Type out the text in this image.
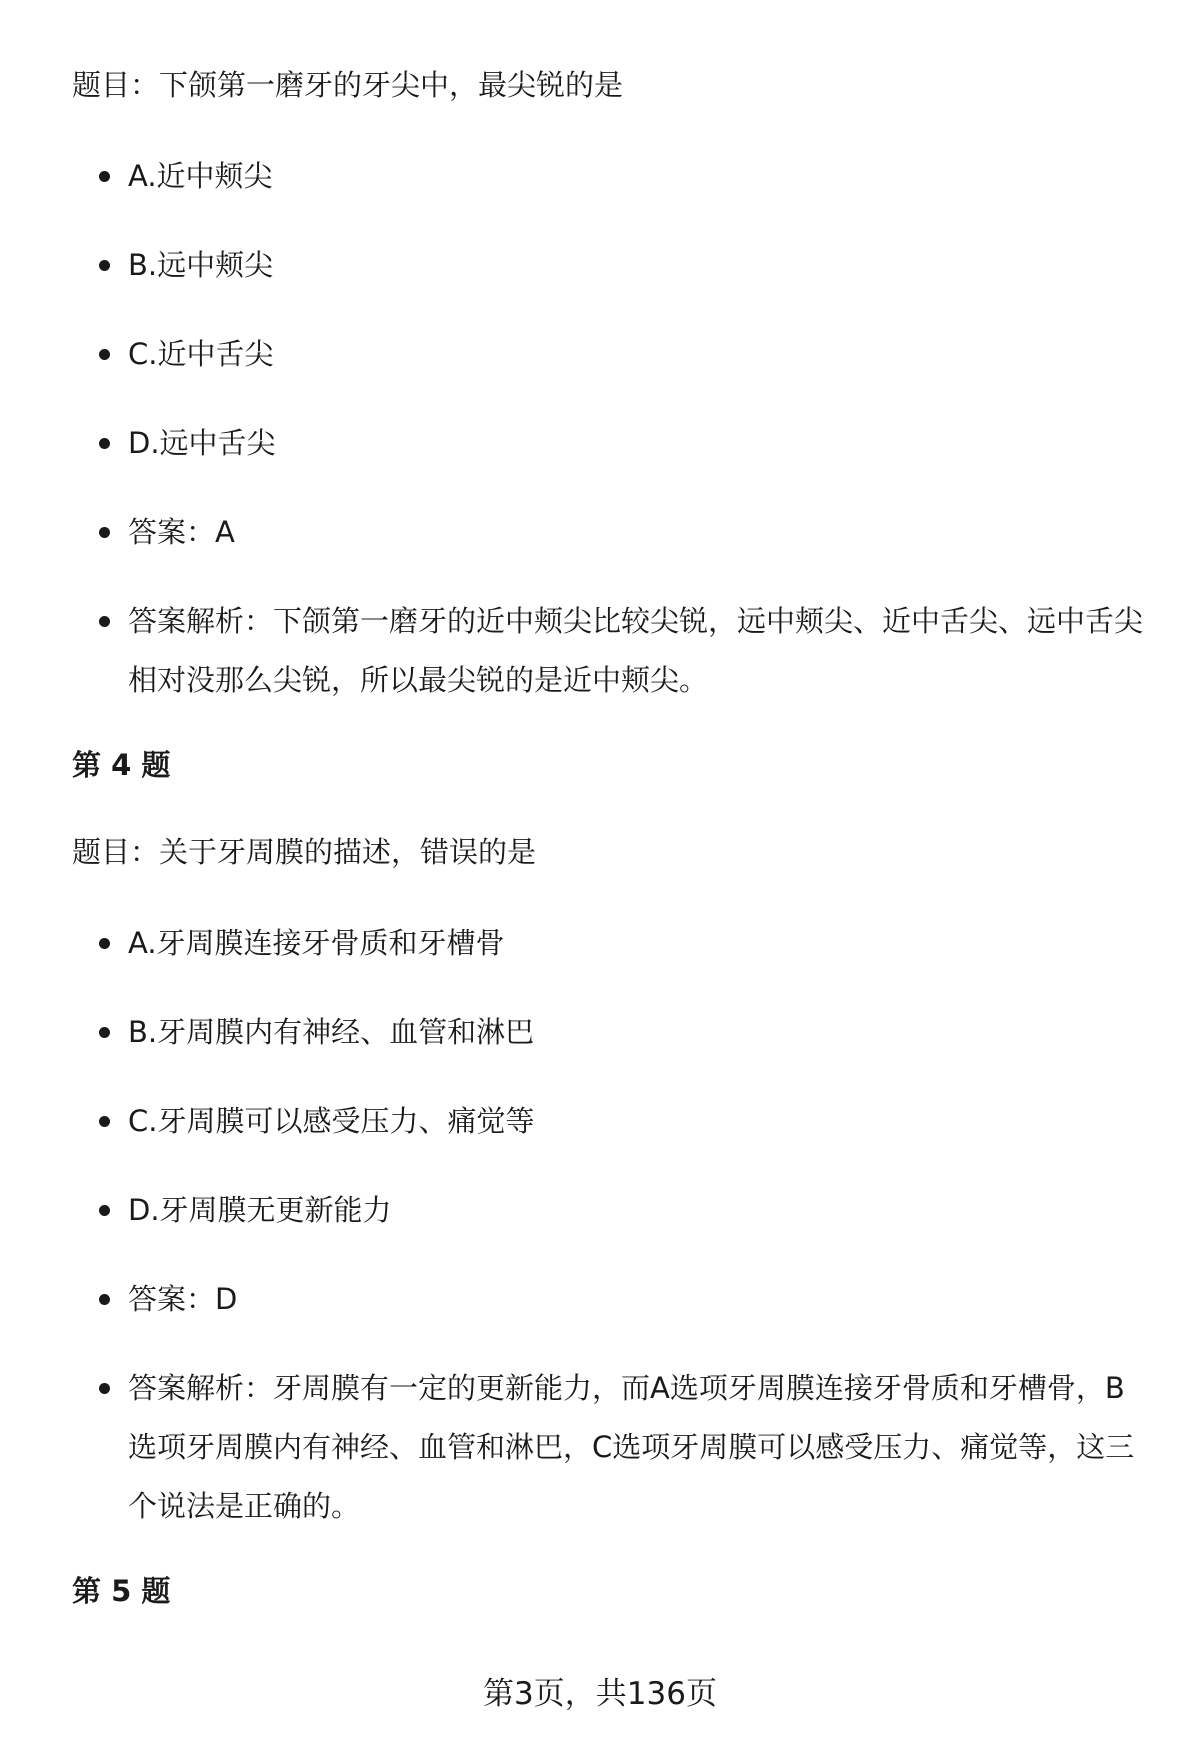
题目：下颌第一磨牙的牙尖中，最尖锐的是
A.近中颊尖
B.远中颊尖
C.近中舌尖
D.远中舌尖
答案：A
答案解析：下颌第一磨牙的近中颊尖比较尖锐，远中颊尖、近中舌尖、远中舌尖相对没那么尖锐，所以最尖锐的是近中颊尖。
第 4 题
题目：关于牙周膜的描述，错误的是
A.牙周膜连接牙骨质和牙槽骨
B.牙周膜内有神经、血管和淋巴
C.牙周膜可以感受压力、痛觉等
D.牙周膜无更新能力
答案：D
答案解析：牙周膜有一定的更新能力，而A选项牙周膜连接牙骨质和牙槽骨，B选项牙周膜内有神经、血管和淋巴，C选项牙周膜可以感受压力、痛觉等，这三个说法是正确的。
第 5 题
第3页，共136页
